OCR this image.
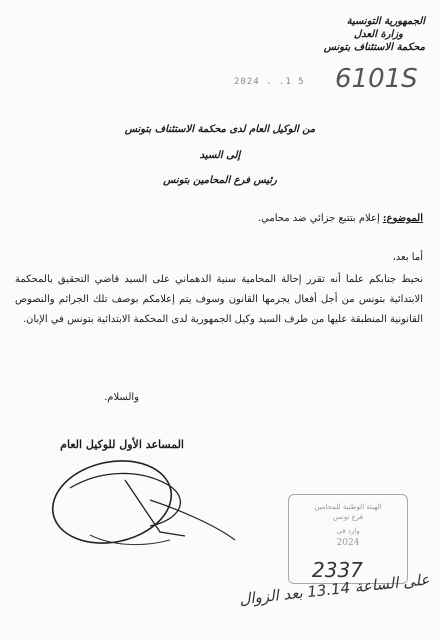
الجمهورية التونسية
وزارة العدل
محكمة الاستئناف بتونس
2024 . .1 5 6101S
من الوكيل العام لدى محكمة الاستئناف بتونس
إلى السيد
رئيس فرع المحامين بتونس
الموضوع: إعلام بتتبع جزائي ضد محامي.
أما بعد،
نحيط جنابكم علما أنه تقرر إحالة المحامية سنية الدهماني على السيد قاضي التحقيق بالمحكمة الابتدائية بتونس من أجل أفعال يجرمها القانون وسوف يتم إعلامكم بوصف تلك الجرائم والنصوص القانونية المنطبقة عليها من طرف السيد وكيل الجمهورية لدى المحكمة الابتدائية بتونس في الإبان.
والسلام.
المساعد الأول للوكيل العام
الهيئة الوطنية للمحامين
فرع تونس
وارد في
2024
2337
على الساعة 13.14 بعد الزوال
